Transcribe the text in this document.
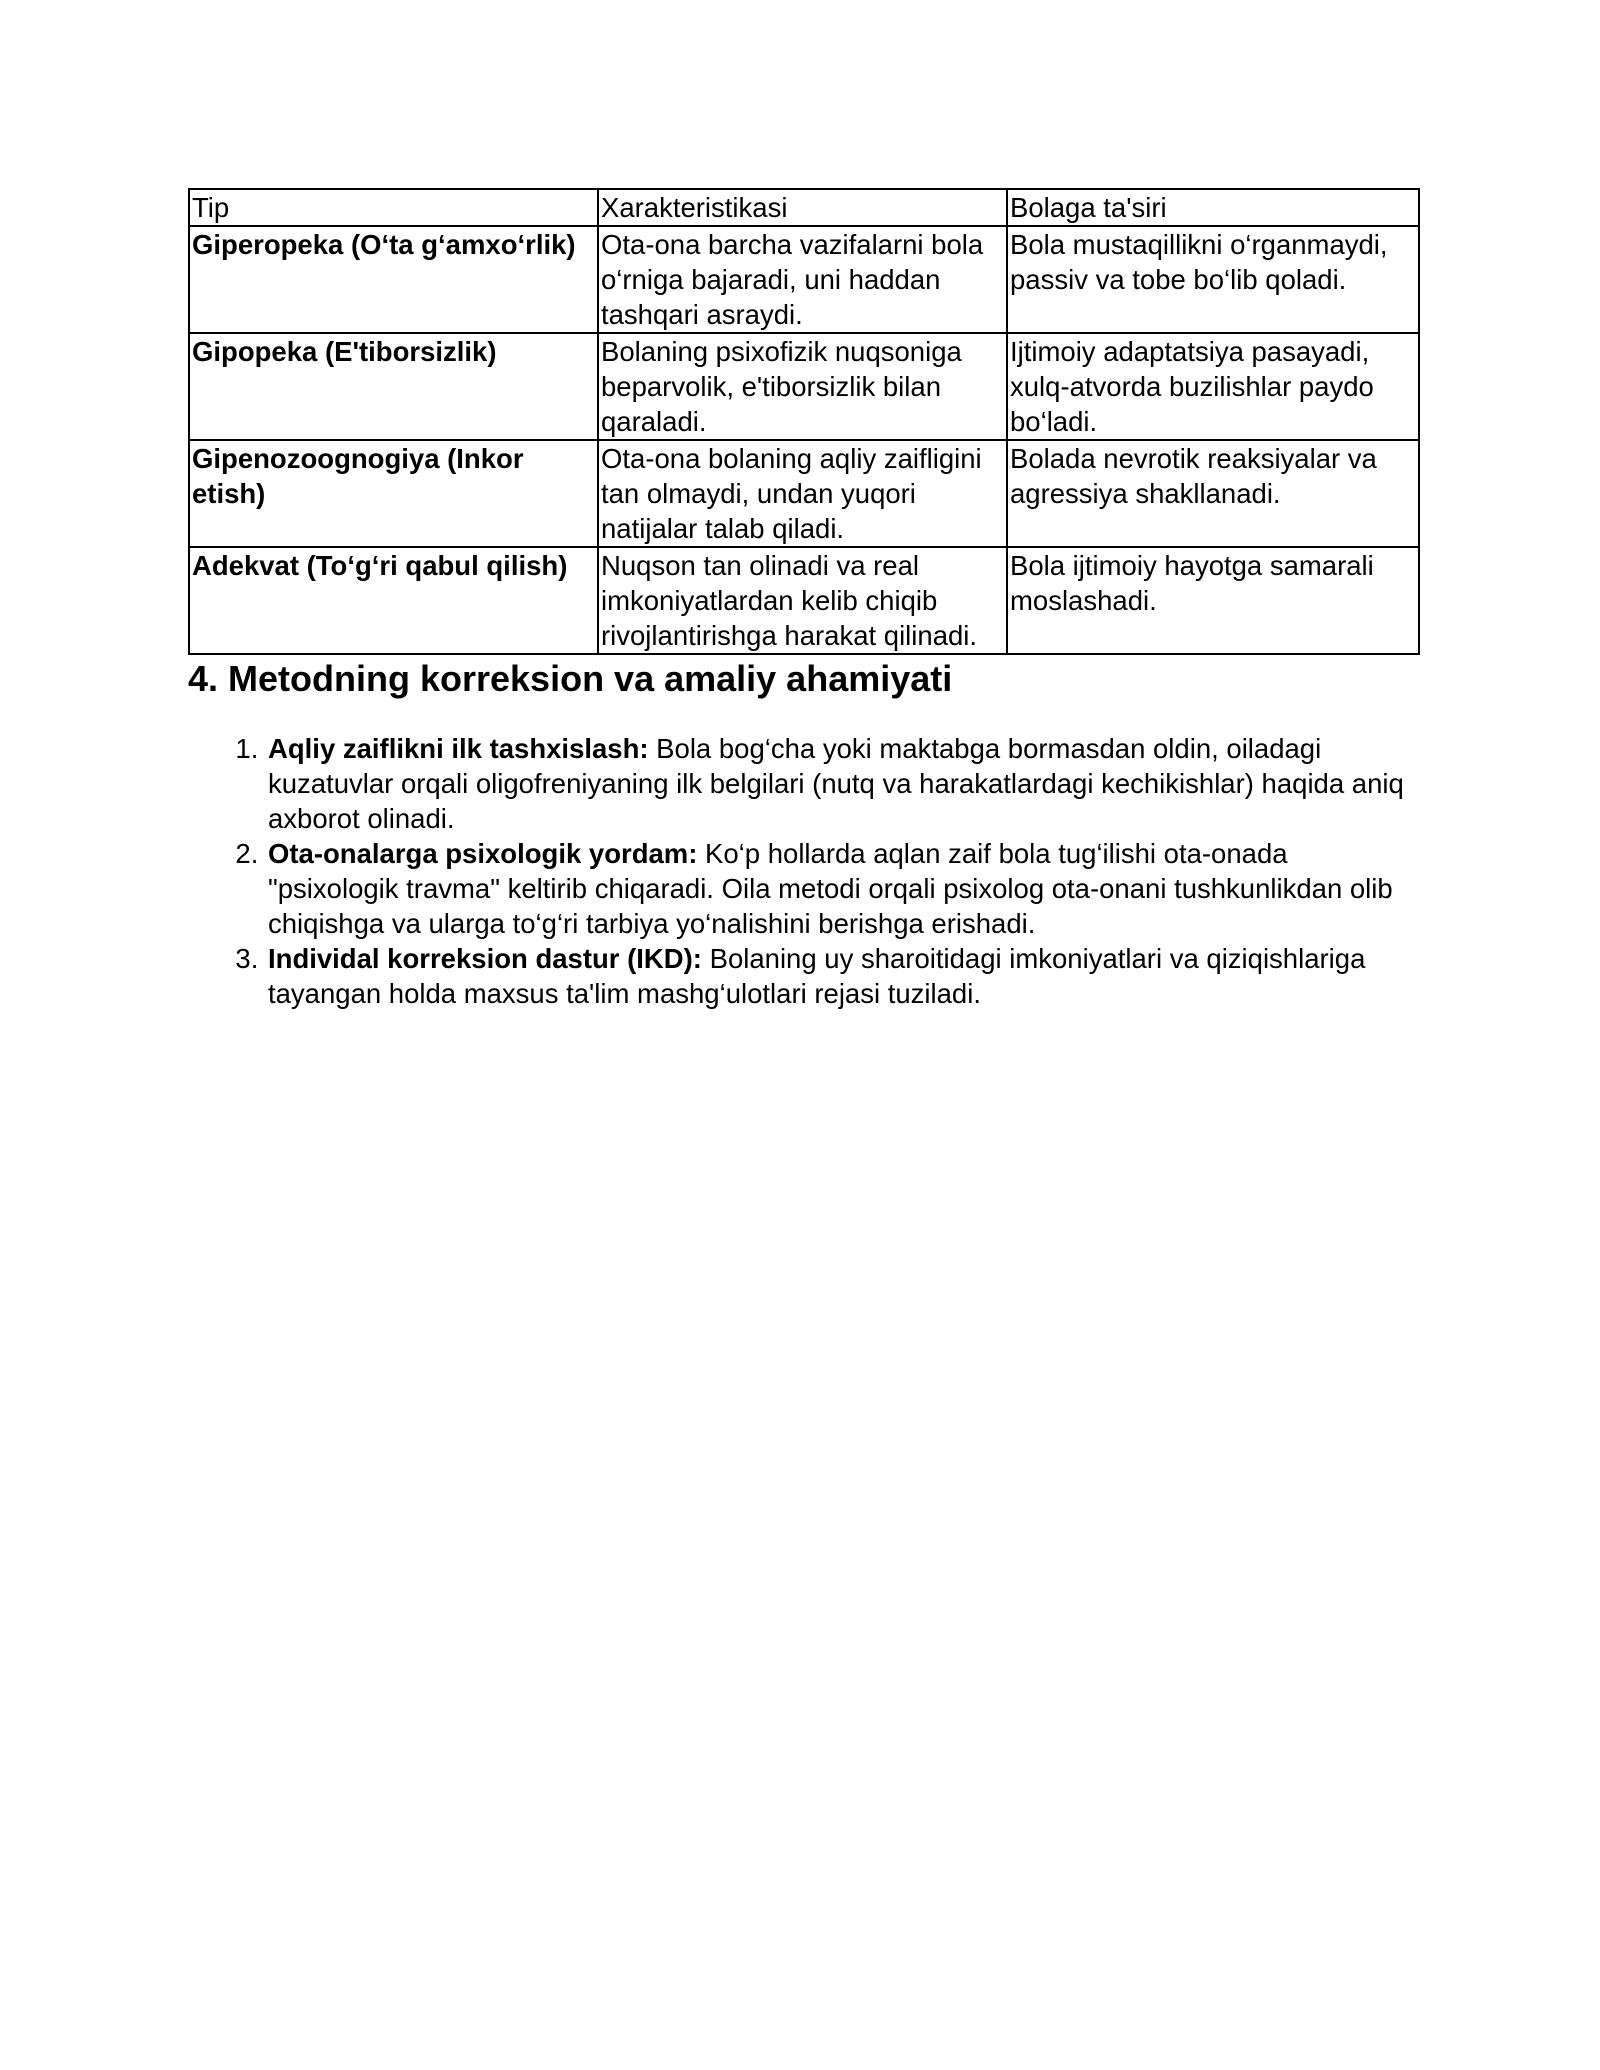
Tip	Xarakteristikasi	Bolaga ta'siri
Giperopeka (O‘ta g‘amxo‘rlik)	Ota-ona barcha vazifalarni bola o‘rniga bajaradi, uni haddan tashqari asraydi.	Bola mustaqillikni o‘rganmaydi, passiv va tobe bo‘lib qoladi.
Gipopeka (E'tiborsizlik)	Bolaning psixofizik nuqsoniga beparvolik, e'tiborsizlik bilan qaraladi.	Ijtimoiy adaptatsiya pasayadi, xulq-atvorda buzilishlar paydo bo‘ladi.
Gipenozoognogiya (Inkor etish)	Ota-ona bolaning aqliy zaifligini tan olmaydi, undan yuqori natijalar talab qiladi.	Bolada nevrotik reaksiyalar va agressiya shakllanadi.
Adekvat (To‘g‘ri qabul qilish)	Nuqson tan olinadi va real imkoniyatlardan kelib chiqib rivojlantirishga harakat qilinadi.	Bola ijtimoiy hayotga samarali moslashadi.
4. Metodning korreksion va amaliy ahamiyati
1. Aqliy zaiflikni ilk tashxislash: Bola bog‘cha yoki maktabga bormasdan oldin, oiladagi kuzatuvlar orqali oligofreniyaning ilk belgilari (nutq va harakatlardagi kechikishlar) haqida aniq axborot olinadi.
2. Ota-onalarga psixologik yordam: Ko‘p hollarda aqlan zaif bola tug‘ilishi ota-onada "psixologik travma" keltirib chiqaradi. Oila metodi orqali psixolog ota-onani tushkunlikdan olib chiqishga va ularga to‘g‘ri tarbiya yo‘nalishini berishga erishadi.
3. Individal korreksion dastur (IKD): Bolaning uy sharoitidagi imkoniyatlari va qiziqishlariga tayangan holda maxsus ta'lim mashg‘ulotlari rejasi tuziladi.
